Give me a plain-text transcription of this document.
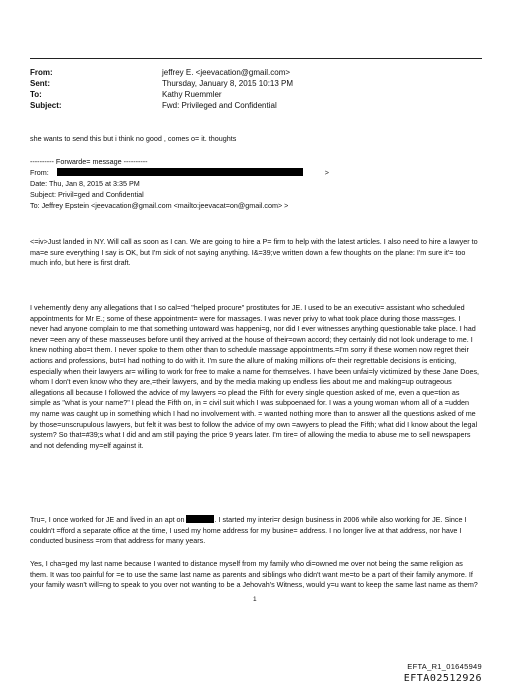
From:	jeffrey E. <jeevacation@gmail.com>
Sent:	Thursday, January 8, 2015 10:13 PM
To:	Kathy Ruemmler
Subject:	Fwd: Privileged and Confidential
she wants to send this but i think no good , comes o= it. thoughts
---------- Forwarde= message ----------
From:	>
Date: Thu, Jan 8, 2015 at 3:35 PM
Subject: Privil=ged and Confidential
To: Jeffrey Epstein <jeevacation@gmail.com <mailto:jeevacat=on@gmail.com> >
<=iv>Just landed in NY. Will call as soon as I can. We are going to hire a P= firm to help with the latest articles. I also need to hire a lawyer to ma=e sure everything I say is OK, but I'm sick of not saying anything. I&=39;ve written down a few thoughts on the plane: I'm sure it'= too much info, but here is first draft.
I vehemently deny any allegations that I so cal=ed "helped procure" prostitutes for JE. I used to be an executiv= assistant who scheduled appointments for Mr E.; some of these appointment= were for massages. I was never privy to what took place during those mass=ges. I never had anyone complain to me that something untoward was happeni=g, nor did I ever witnesses anything questionable take place. I had never =een any of these masseuses before until they arrived at the house of their=own accord; they certainly did not look underage to me. I knew nothing abo=t them. I never spoke to them other than to schedule massage appointments.=I'm sorry if these women now regret their actions and professions, but=I had nothing to do with it. I'm sure the allure of making millions of= their regrettable decisions is enticing, especially when their lawyers ar= willing to work for free to make a name for themselves. I have been unfai=ly victimized by these Jane Does, whom I don't even know who they are,=their lawyers, and by the media making up endless lies about me and making=up outrageous allegations all because I followed the advice of my lawyers =o plead the Fifth for every single question asked of me, even a que=tion as simple as "what is your name?" I plead the Fifth on, in = civil suit which I was subpoenaed for. I was a young woman whom all of a =udden my name was caught up in something which I had no involvement with. = wanted nothing more than to answer all the questions asked of me by those=unscrupulous lawyers, but felt it was best to follow the advice of my own =awyers to plead the Fifth; what did I know about the legal system? So that=#39;s what I did and am still paying the price 9 years later. I'm tire= of allowing the media to abuse me to sell newspapers and not defending my=elf against it.
Tru=, I once worked for JE and lived in an apt on	. I started my interi=r design business in 2006 while also working for JE. Since I couldn't =fford a separate office at the time, I used my home address for my busine= address. I no longer live at that address, nor have I conducted business =rom that address for many years.
Yes, I cha=ged my last name because I wanted to distance myself from my family who di=owned me over not being the same religion as them. It was too painful for =e to use the same last name as parents and siblings who didn't want me=to be a part of their family anymore. If your family wasn't will=ng to speak to you over not wanting to be a Jehovah's Witness, would y=u want to keep the same last name as them?
1
EFTA_R1_01645949
EFTA02512926
